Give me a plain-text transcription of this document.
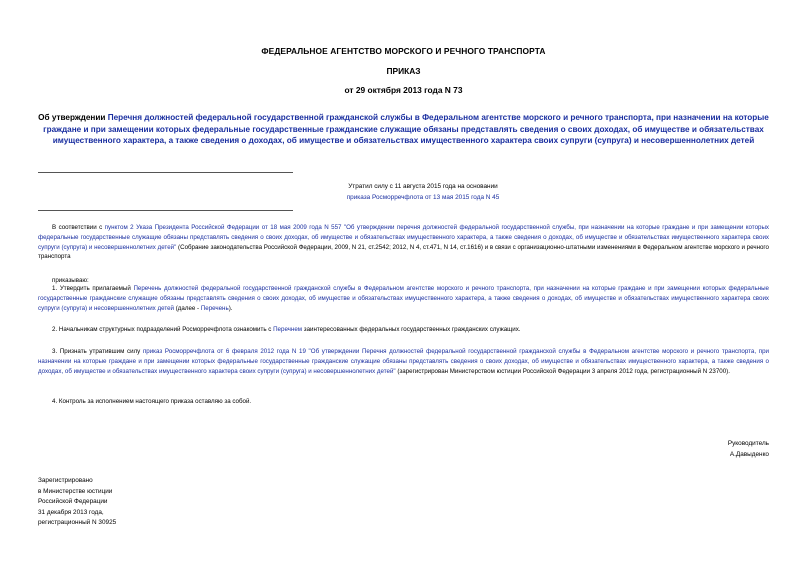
ФЕДЕРАЛЬНОЕ АГЕНТСТВО МОРСКОГО И РЕЧНОГО ТРАНСПОРТА
ПРИКАЗ
от 29 октября 2013 года N 73
Об утверждении Перечня должностей федеральной государственной гражданской службы в Федеральном агентстве морского и речного транспорта, при назначении на которые граждане и при замещении которых федеральные государственные гражданские служащие обязаны представлять сведения о своих доходах, об имуществе и обязательствах имущественного характера, а также сведения о доходах, об имуществе и обязательствах имущественного характера своих супруги (супруга) и несовершеннолетних детей
Утратил силу с 11 августа 2015 года на основании
приказа Росморречфлота от 13 мая 2015 года N 45
В соответствии с пунктом 2 Указа Президента Российской Федерации от 18 мая 2009 года N 557 "Об утверждении перечня должностей федеральной государственной службы, при назначении на которые граждане и при замещении которых федеральные государственные служащие обязаны представлять сведения о своих доходах, об имуществе и обязательствах имущественного характера, а также сведения о доходах, об имуществе и обязательствах имущественного характера своих супруги (супруга) и несовершеннолетних детей" (Собрание законодательства Российской Федерации, 2009, N 21, ст.2542; 2012, N 4, ст.471, N 14, ст.1616) и в связи с организационно-штатными изменениями в Федеральном агентстве морского и речного транспорта
приказываю:
1. Утвердить прилагаемый Перечень должностей федеральной государственной гражданской службы в Федеральном агентстве морского и речного транспорта, при назначении на которые граждане и при замещении которых федеральные государственные гражданские служащие обязаны представлять сведения о своих доходах, об имуществе и обязательствах имущественного характера, а также сведения о доходах, об имуществе и обязательствах имущественного характера своих супруги (супруга) и несовершеннолетних детей (далее - Перечень).
2. Начальникам структурных подразделений Росморречфлота ознакомить с Перечнем заинтересованных федеральных государственных гражданских служащих.
3. Признать утратившим силу приказ Росморречфлота от 6 февраля 2012 года N 19 "Об утверждении Перечня должностей федеральной государственной гражданской службы в Федеральном агентстве морского и речного транспорта, при назначении на которые граждане и при замещении которых федеральные государственные гражданские служащие обязаны представлять сведения о своих доходах, об имуществе и обязательствах имущественного характера, а также сведения о доходах, об имуществе и обязательствах имущественного характера своих супруги (супруга) и несовершеннолетних детей" (зарегистрирован Министерством юстиции Российской Федерации 3 апреля 2012 года, регистрационный N 23700).
4. Контроль за исполнением настоящего приказа оставляю за собой.
Руководитель
А.Давыденко
Зарегистрировано
в Министерстве юстиции
Российской Федерации
31 декабря 2013 года,
регистрационный N 30925
